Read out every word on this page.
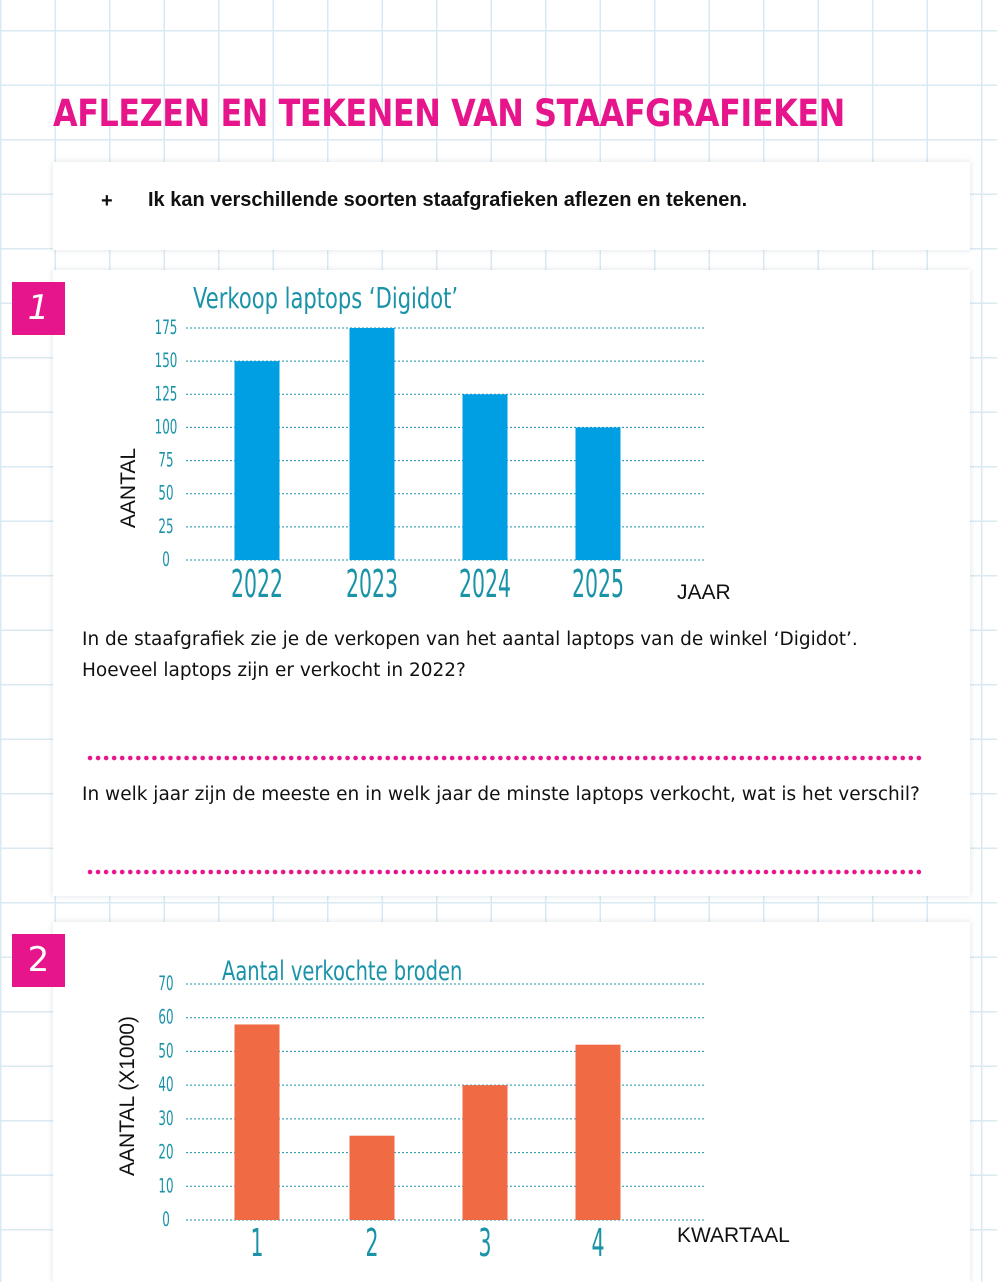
AFLEZEN EN TEKENEN VAN STAAFGRAFIEKEN
+ Ik kan verschillende soorten staafgrafieken aflezen en tekenen.
1
2
0
25
50
75
100
125
150
175
2022 2023 2024 2025
Verkoop laptops ‘Digidot’
JAAR
AANTAL
0
10
20
30
40
50
60
70
1	2	3	4
Aantal verkochte broden
KWARTAAL
AANTAL (X1000)

In de staafgrafiek zie je de verkopen van het aantal laptops van de winkel ‘Digidot’. Hoeveel laptops zijn er verkocht in 2022?

In welk jaar zijn de meeste en in welk jaar de minste laptops verkocht, wat is het verschil?
